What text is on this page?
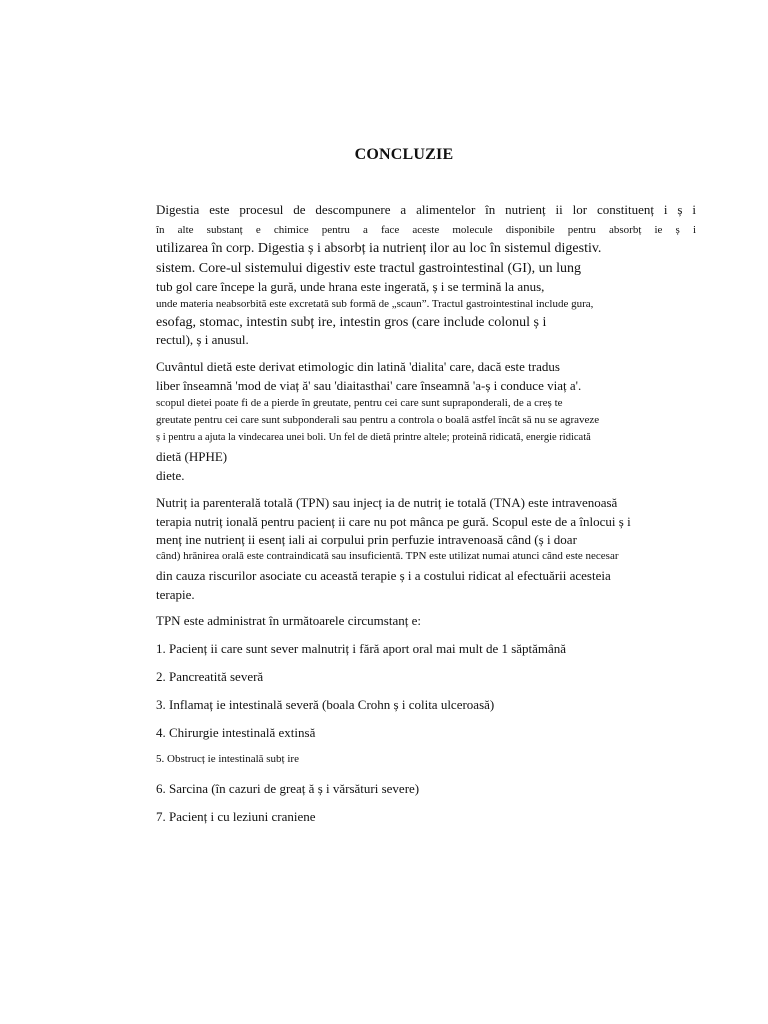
CONCLUZIE
Digestia este procesul de descompunere a alimentelor în nutrienț ii lor constituenț i ș i
în alte substanț e chimice pentru a face aceste molecule disponibile pentru absorbț ie ș i
utilizarea în corp. Digestia ș i absorbț ia nutrienț ilor au loc în sistemul digestiv.
sistem. Core-ul sistemului digestiv este tractul gastrointestinal (GI), un lung
tub gol care începe la gură, unde hrana este ingerată, ș i se termină la anus,
unde materia neabsorbită este excretată sub formă de „scaun”. Tractul gastrointestinal include gura,
esofag, stomac, intestin subț ire, intestin gros (care include colonul ș i
rectul), ș i anusul.
Cuvântul dietă este derivat etimologic din latină 'dialita' care, dacă este tradus
liber înseamnă 'mod de viaț ă' sau 'diaitasthai' care înseamnă 'a-ș i conduce viaț a'.
scopul dietei poate fi de a pierde în greutate, pentru cei care sunt supraponderali, de a creș te
greutate pentru cei care sunt subponderali sau pentru a controla o boală astfel încât să nu se agraveze
ș i pentru a ajuta la vindecarea unei boli. Un fel de dietă printre altele; proteină ridicată, energie ridicată
dietă (HPHE)
diete.
Nutriț ia parenterală totală (TPN) sau injecț ia de nutriț ie totală (TNA) este intravenoasă
terapia nutriț ională pentru pacienț ii care nu pot mânca pe gură. Scopul este de a înlocui ș i
menț ine nutrienț ii esenț iali ai corpului prin perfuzie intravenoasă când (ș i doar
când) hrănirea orală este contraindicată sau insuficientă. TPN este utilizat numai atunci când este necesar
din cauza riscurilor asociate cu această terapie ș i a costului ridicat al efectuării acesteia
terapie.
TPN este administrat în următoarele circumstanț e:
1. Pacienț ii care sunt sever malnutriț i fără aport oral mai mult de 1 săptămână
2. Pancreatită severă
3. Inflamaț ie intestinală severă (boala Crohn ș i colita ulceroasă)
4. Chirurgie intestinală extinsă
5. Obstrucț ie intestinală subț ire
6. Sarcina (în cazuri de greaț ă ș i vărsături severe)
7. Pacienț i cu leziuni craniene
